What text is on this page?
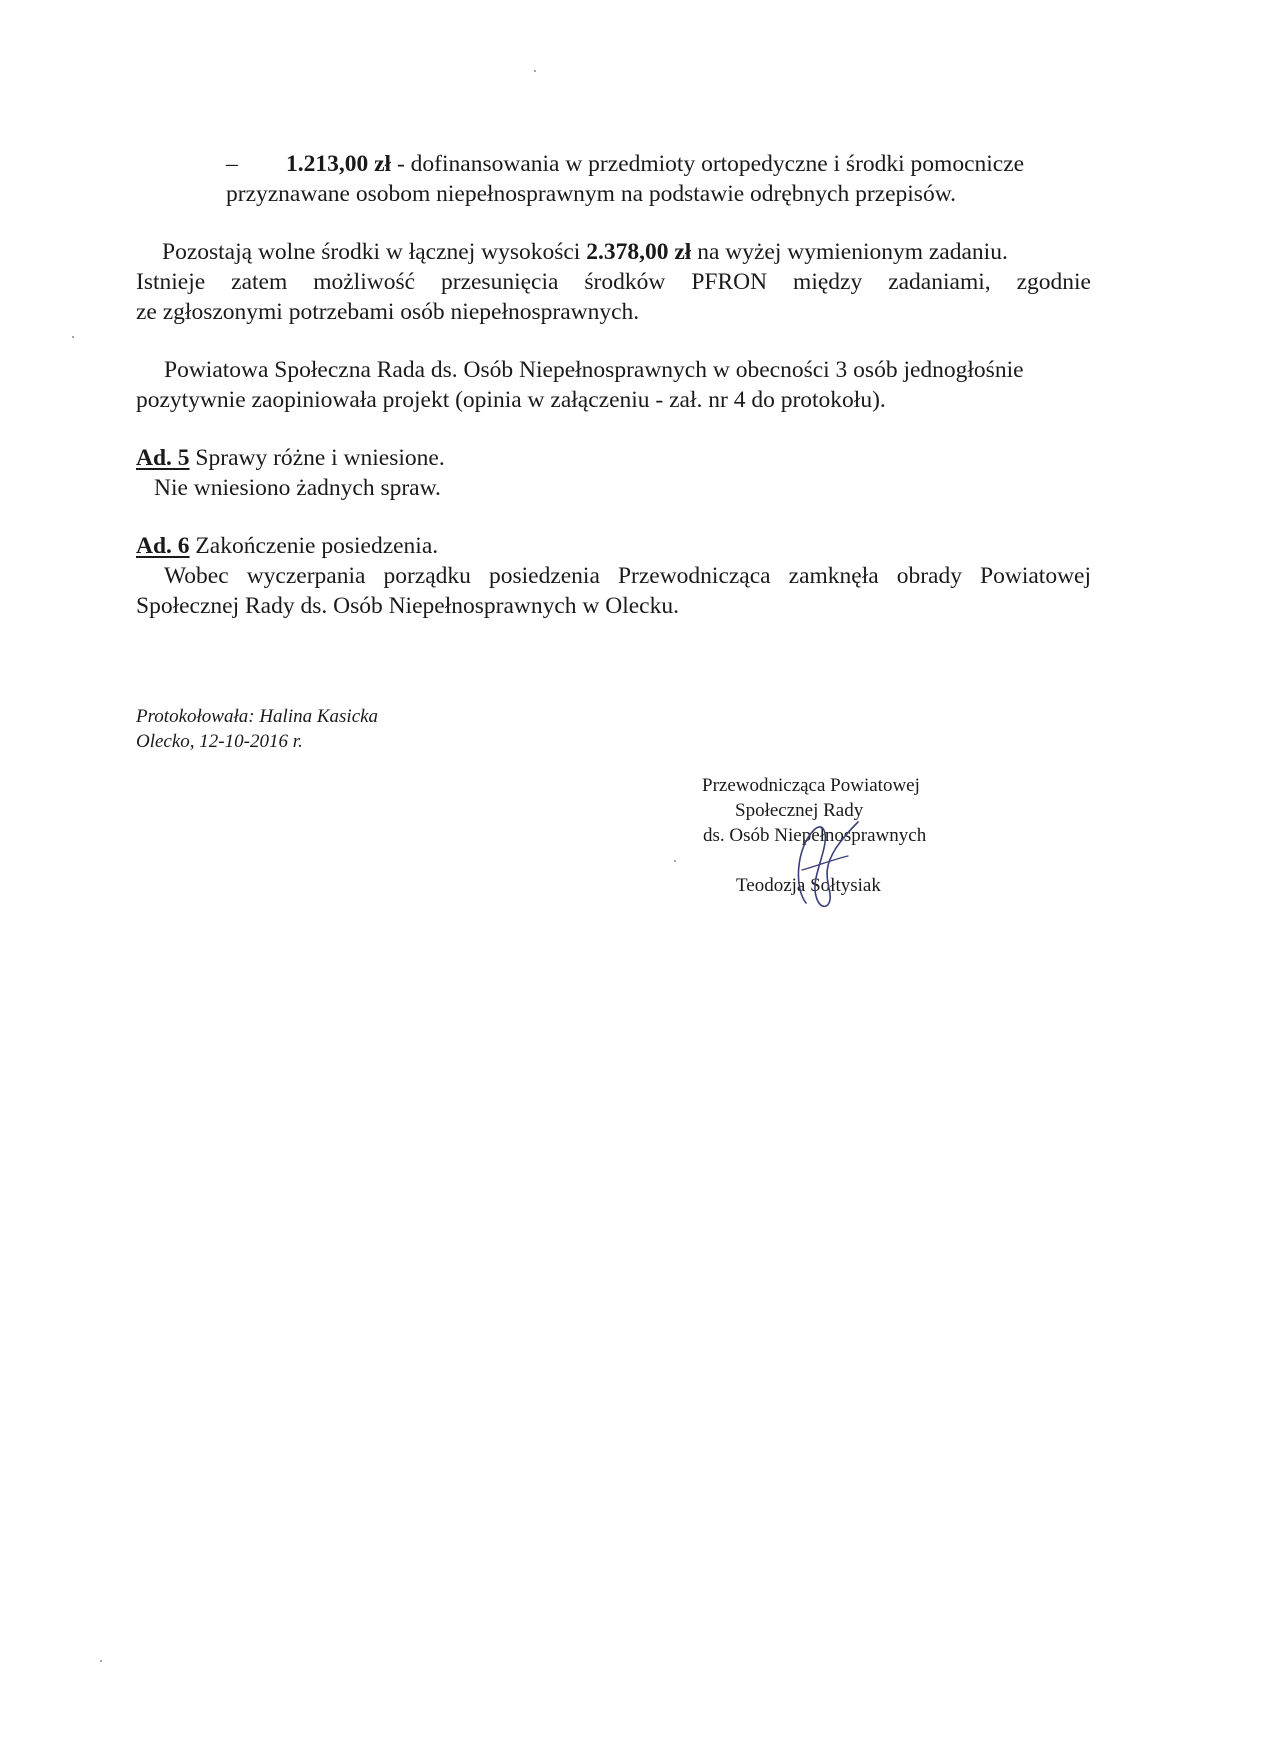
– 1.213,00 zł - dofinansowania w przedmioty ortopedyczne i środki pomocnicze
przyznawane osobom niepełnosprawnym na podstawie odrębnych przepisów.
Pozostają wolne środki w łącznej wysokości 2.378,00 zł na wyżej wymienionym zadaniu.
Istnieje zatem możliwość przesunięcia środków PFRON między zadaniami, zgodnie
ze zgłoszonymi potrzebami osób niepełnosprawnych.
Powiatowa Społeczna Rada ds. Osób Niepełnosprawnych w obecności 3 osób jednogłośnie
pozytywnie zaopiniowała projekt (opinia w załączeniu - zał. nr 4 do protokołu).
Ad. 5 Sprawy różne i wniesione.
Nie wniesiono żadnych spraw.
Ad. 6 Zakończenie posiedzenia.
Wobec wyczerpania porządku posiedzenia Przewodnicząca zamknęła obrady Powiatowej
Społecznej Rady ds. Osób Niepełnosprawnych w Olecku.
Protokołowała: Halina Kasicka
Olecko, 12-10-2016 r.
Przewodnicząca Powiatowej
Społecznej Rady
ds. Osób Niepełnosprawnych
Teodozja Sołtysiak
